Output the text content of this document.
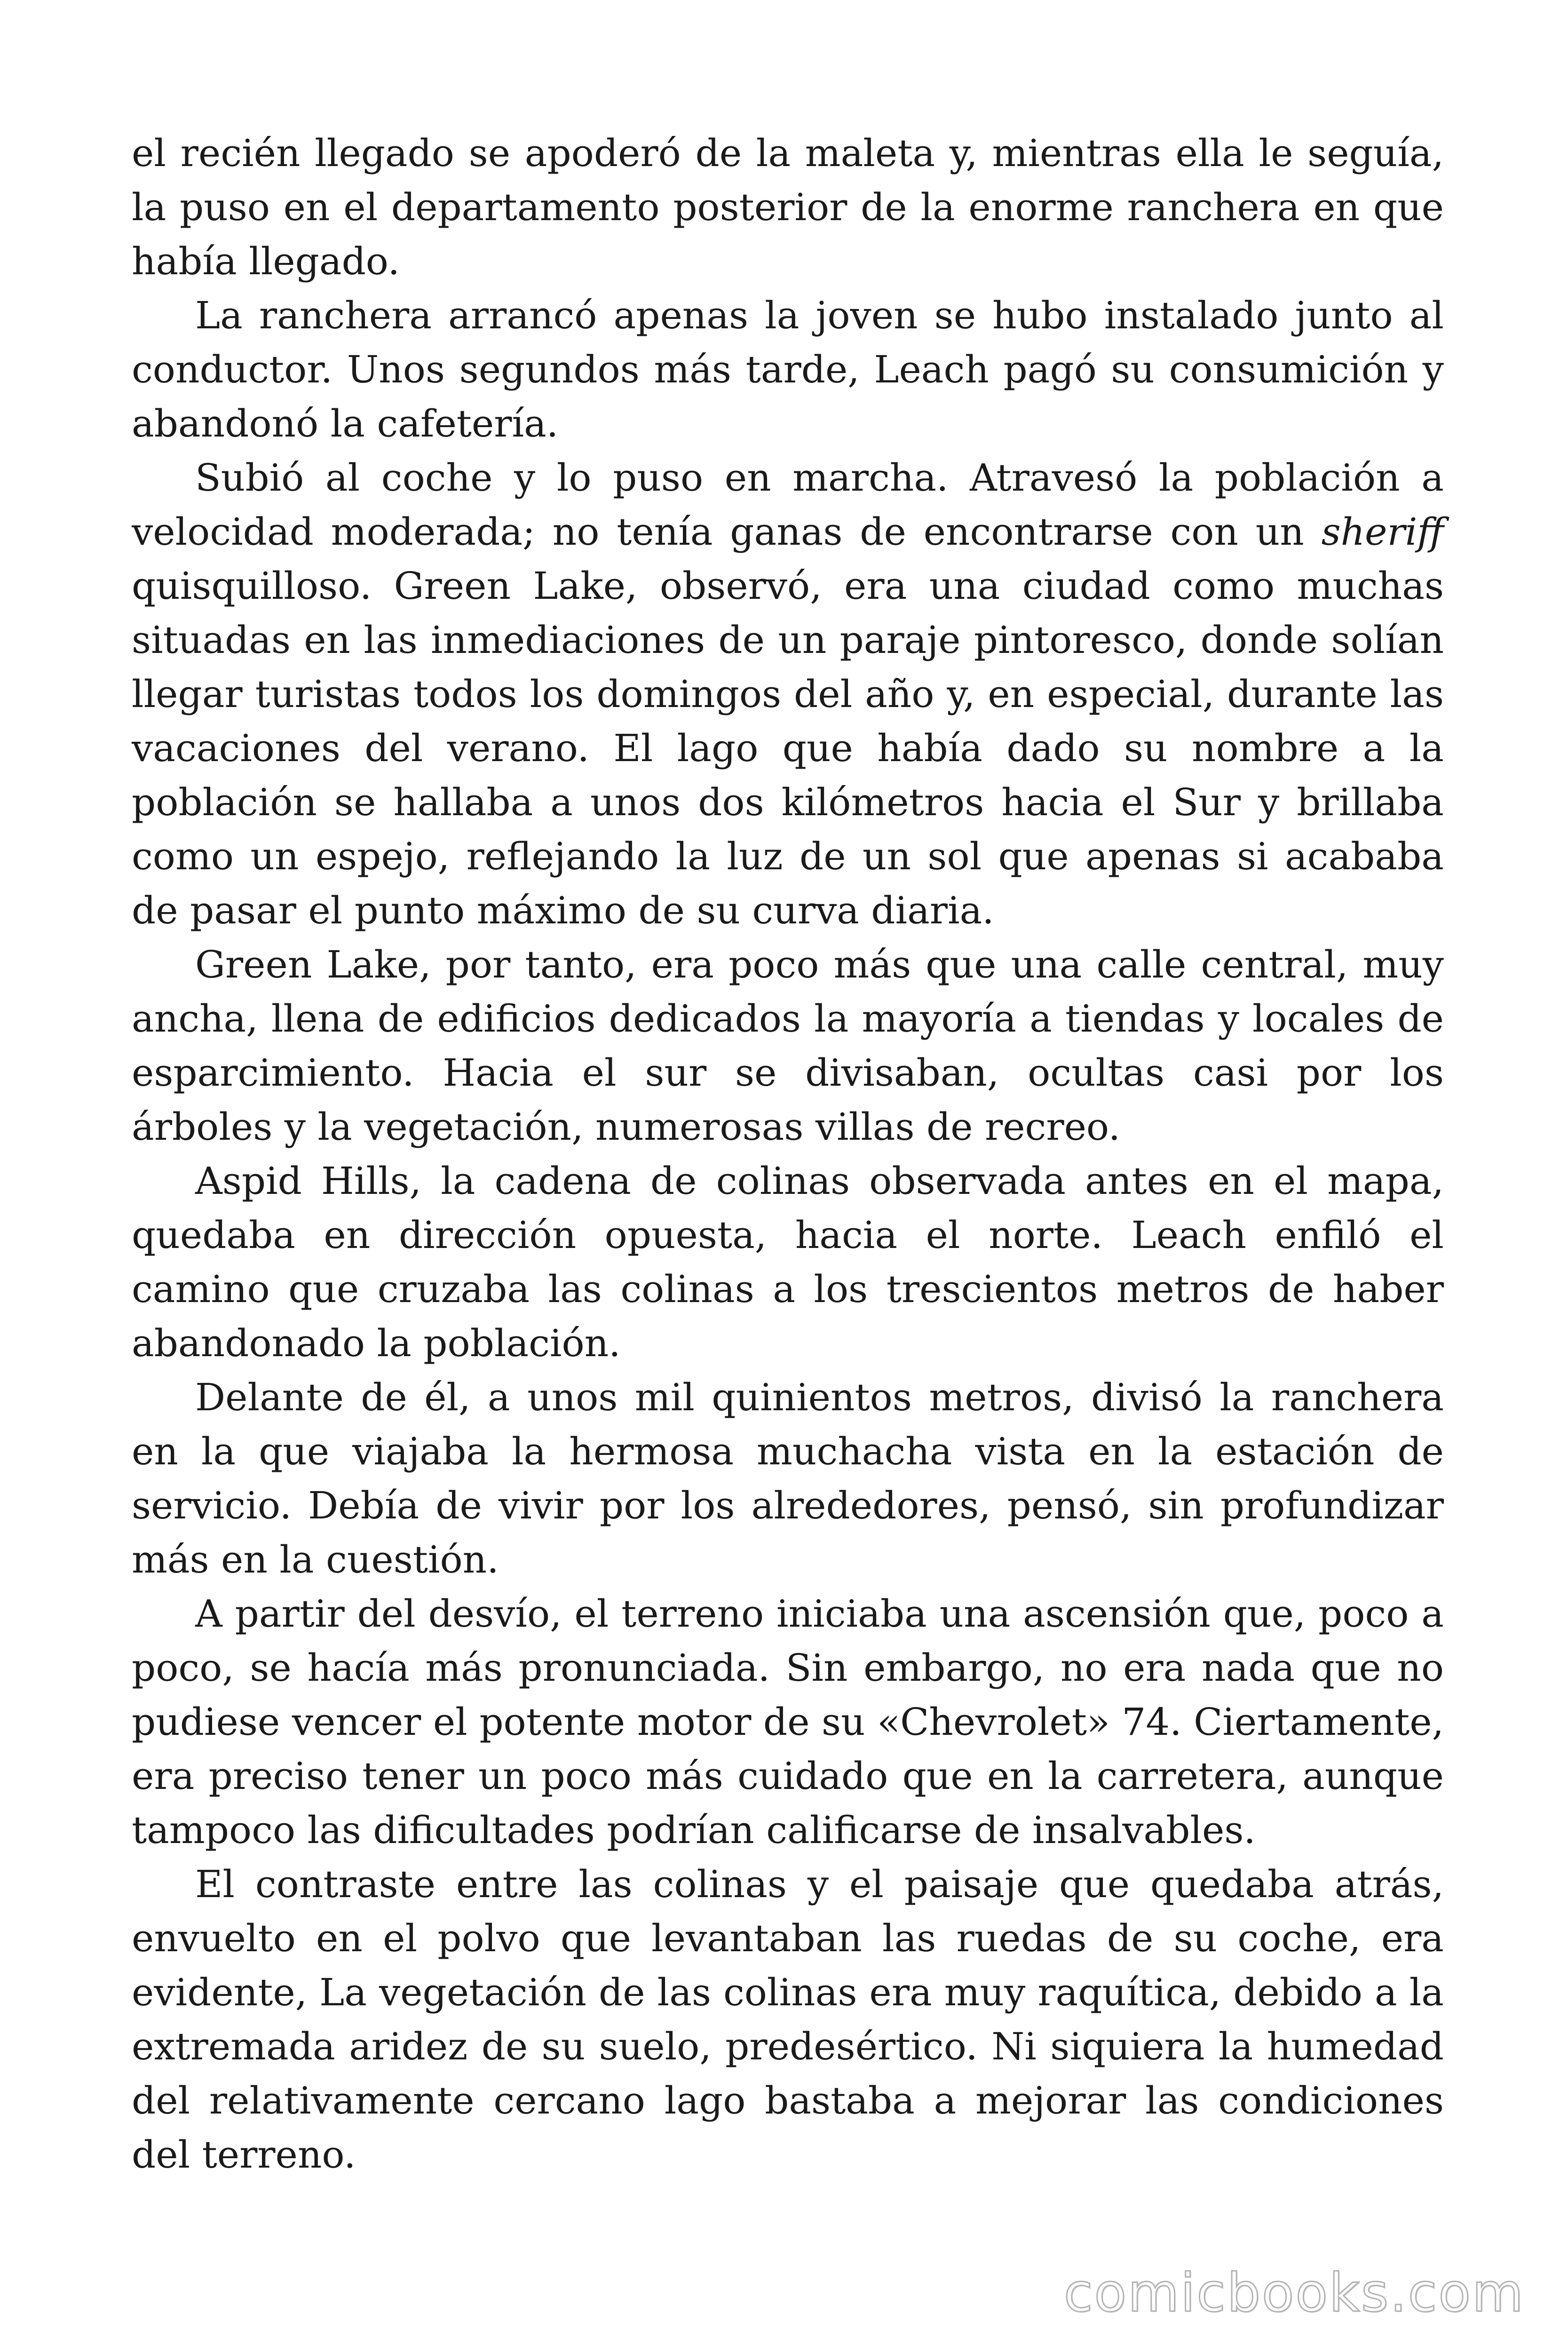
el recién llegado se apoderó de la maleta y, mientras ella le seguía, la puso en el departamento posterior de la enorme ranchera en que había llegado.

La ranchera arrancó apenas la joven se hubo instalado junto al conductor. Unos segundos más tarde, Leach pagó su consumición y abandonó la cafetería.

Subió al coche y lo puso en marcha. Atravesó la población a velocidad moderada; no tenía ganas de encontrarse con un sheriff quisquilloso. Green Lake, observó, era una ciudad como muchas situadas en las inmediaciones de un paraje pintoresco, donde solían llegar turistas todos los domingos del año y, en especial, durante las vacaciones del verano. El lago que había dado su nombre a la población se hallaba a unos dos kilómetros hacia el Sur y brillaba como un espejo, reflejando la luz de un sol que apenas si acababa de pasar el punto máximo de su curva diaria.

Green Lake, por tanto, era poco más que una calle central, muy ancha, llena de edificios dedicados la mayoría a tiendas y locales de esparcimiento. Hacia el sur se divisaban, ocultas casi por los árboles y la vegetación, numerosas villas de recreo.

Aspid Hills, la cadena de colinas observada antes en el mapa, quedaba en dirección opuesta, hacia el norte. Leach enfiló el camino que cruzaba las colinas a los trescientos metros de haber abandonado la población.

Delante de él, a unos mil quinientos metros, divisó la ranchera en la que viajaba la hermosa muchacha vista en la estación de servicio. Debía de vivir por los alrededores, pensó, sin profundizar más en la cuestión.

A partir del desvío, el terreno iniciaba una ascensión que, poco a poco, se hacía más pronunciada. Sin embargo, no era nada que no pudiese vencer el potente motor de su «Chevrolet» 74. Ciertamente, era preciso tener un poco más cuidado que en la carretera, aunque tampoco las dificultades podrían calificarse de insalvables.

El contraste entre las colinas y el paisaje que quedaba atrás, envuelto en el polvo que levantaban las ruedas de su coche, era evidente, La vegetación de las colinas era muy raquítica, debido a la extremada aridez de su suelo, predesértico. Ni siquiera la humedad del relativamente cercano lago bastaba a mejorar las condiciones del terreno.

comicbooks.com
